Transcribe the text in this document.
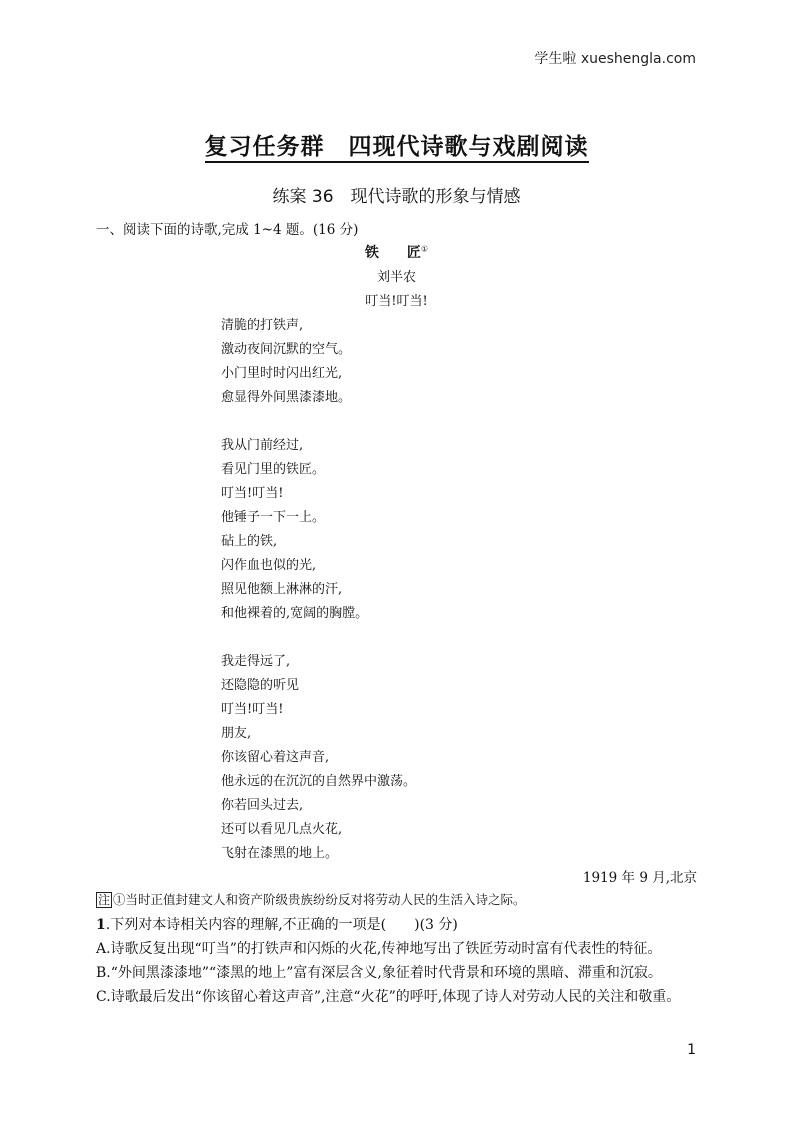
学生啦 xueshengla.com
复习任务群　四现代诗歌与戏剧阅读
练案 36　现代诗歌的形象与情感
一、阅读下面的诗歌,完成 1~4 题。(16 分)
铁　　匠①
刘半农
叮当!叮当!
清脆的打铁声,
激动夜间沉默的空气。
小门里时时闪出红光,
愈显得外间黑漆漆地。
我从门前经过,
看见门里的铁匠。
叮当!叮当!
他锤子一下一上。
砧上的铁,
闪作血也似的光,
照见他额上淋淋的汗,
和他裸着的,宽阔的胸膛。
我走得远了,
还隐隐的听见
叮当!叮当!
朋友,
你该留心着这声音,
他永远的在沉沉的自然界中激荡。
你若回头过去,
还可以看见几点火花,
飞射在漆黑的地上。
1919 年 9 月,北京
注 ①当时正值封建文人和资产阶级贵族纷纷反对将劳动人民的生活入诗之际。
1.下列对本诗相关内容的理解,不正确的一项是(　　)(3 分)
A.诗歌反复出现“叮当”的打铁声和闪烁的火花,传神地写出了铁匠劳动时富有代表性的特征。
B.“外间黑漆漆地”“漆黑的地上”富有深层含义,象征着时代背景和环境的黑暗、滞重和沉寂。
C.诗歌最后发出“你该留心着这声音”,注意“火花”的呼吁,体现了诗人对劳动人民的关注和敬重。
1
